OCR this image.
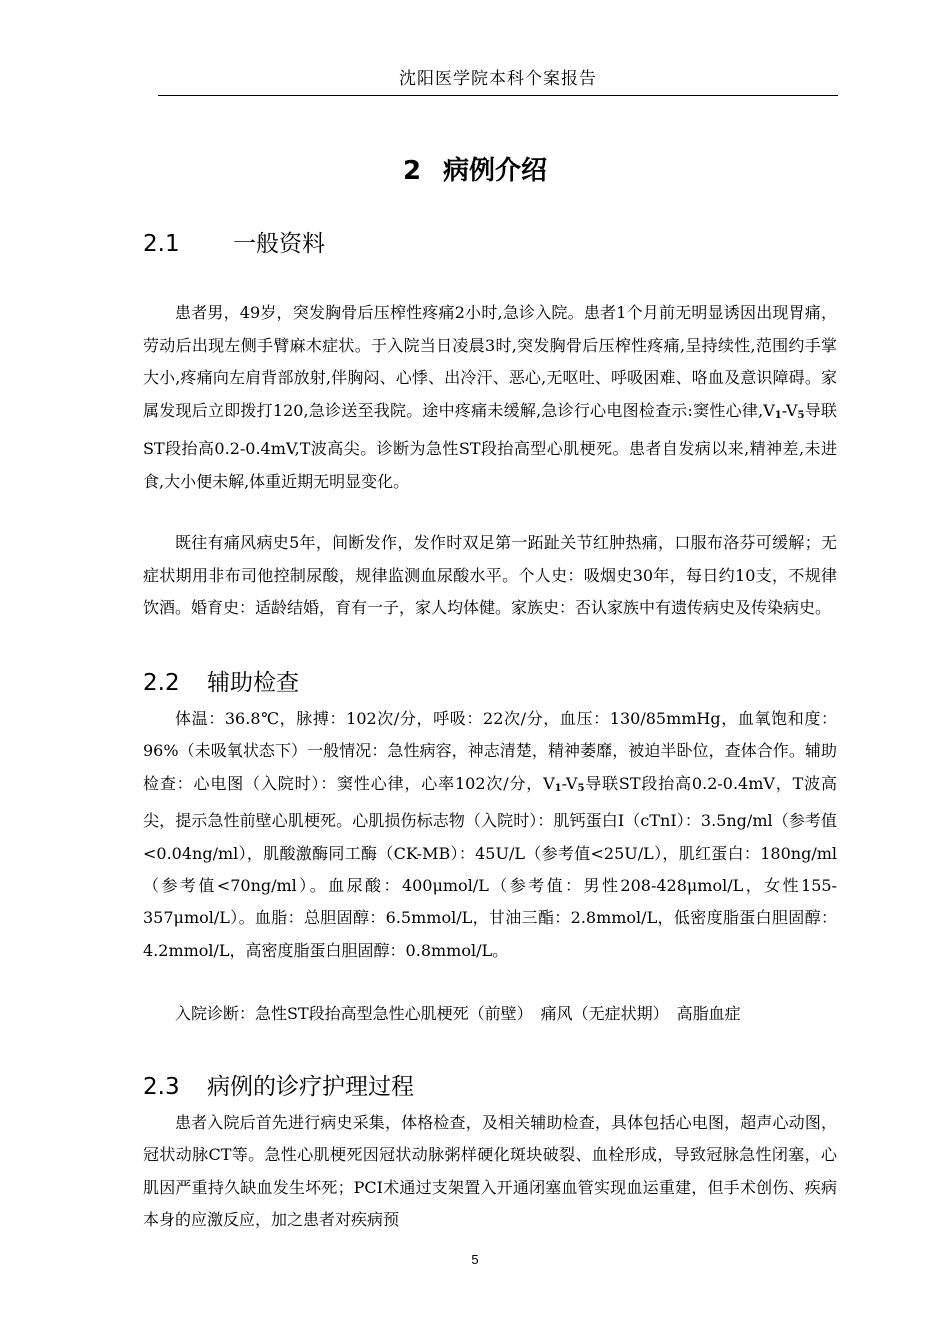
沈阳医学院本科个案报告
2 病例介绍
2.1 一般资料

患者男，49岁，突发胸骨后压榨性疼痛2小时,急诊入院。患者1个月前无明显诱因出现胃痛，劳动后出现左侧手臂麻木症状。于入院当日凌晨3时,突发胸骨后压榨性疼痛,呈持续性,范围约手掌大小,疼痛向左肩背部放射,伴胸闷、心悸、出冷汗、恶心,无呕吐、呼吸困难、咯血及意识障碍。家属发现后立即拨打120,急诊送至我院。途中疼痛未缓解,急诊行心电图检查示:窦性心律$,V_1-V_5$导联ST段抬高0.2-0.4mV,T波高尖。诊断为急性ST段抬高型心肌梗死。患者自发病以来,精神差,未进食,大小便未解,体重近期无明显变化。

既往有痛风病史5年，间断发作，发作时双足第一跖趾关节红肿热痛，口服布洛芬可缓解；无症状期用非布司他控制尿酸，规律监测血尿酸水平。个人史：吸烟史30年，每日约10支，不规律饮酒。婚育史：适龄结婚，育有一子，家人均体健。家族史：否认家族中有遗传病史及传染病史。

2.2 辅助检查

体温：36.8℃，脉搏：102次/分，呼吸：22次/分，血压：130/85mmHg，血氧饱和度：96%（未吸氧状态下）一般情况：急性病容，神志清楚，精神萎靡，被迫半卧位，查体合作。辅助检查：心电图（入院时）：窦性心律，心率102次/分，$V_1-V_5$导联ST段抬高0.2-0.4mV，T波高尖，提示急性前壁心肌梗死。心肌损伤标志物（入院时）：肌钙蛋白I（cTnI）：3.5ng/ml（参考值<0.04ng/ml），肌酸激酶同工酶（CK-MB）：45U/L（参考值<25U/L），肌红蛋白：180ng/ml（参考值<70ng/ml）。血尿酸：400μmol/L（参考值：男性208-428μmol/L，女性155-357μmol/L）。血脂：总胆固醇：6.5mmol/L，甘油三酯：2.8mmol/L，低密度脂蛋白胆固醇：4.2mmol/L，高密度脂蛋白胆固醇：0.8mmol/L。

入院诊断：急性ST段抬高型急性心肌梗死（前壁）　痛风（无症状期）　高脂血症

2.3 病例的诊疗护理过程

患者入院后首先进行病史采集，体格检查，及相关辅助检查，具体包括心电图，超声心动图，冠状动脉CT等。急性心肌梗死因冠状动脉粥样硬化斑块破裂、血栓形成，导致冠脉急性闭塞，心肌因严重持久缺血发生坏死；PCI术通过支架置入开通闭塞血管实现血运重建，但手术创伤、疾病本身的应激反应，加之患者对疾病预

5
